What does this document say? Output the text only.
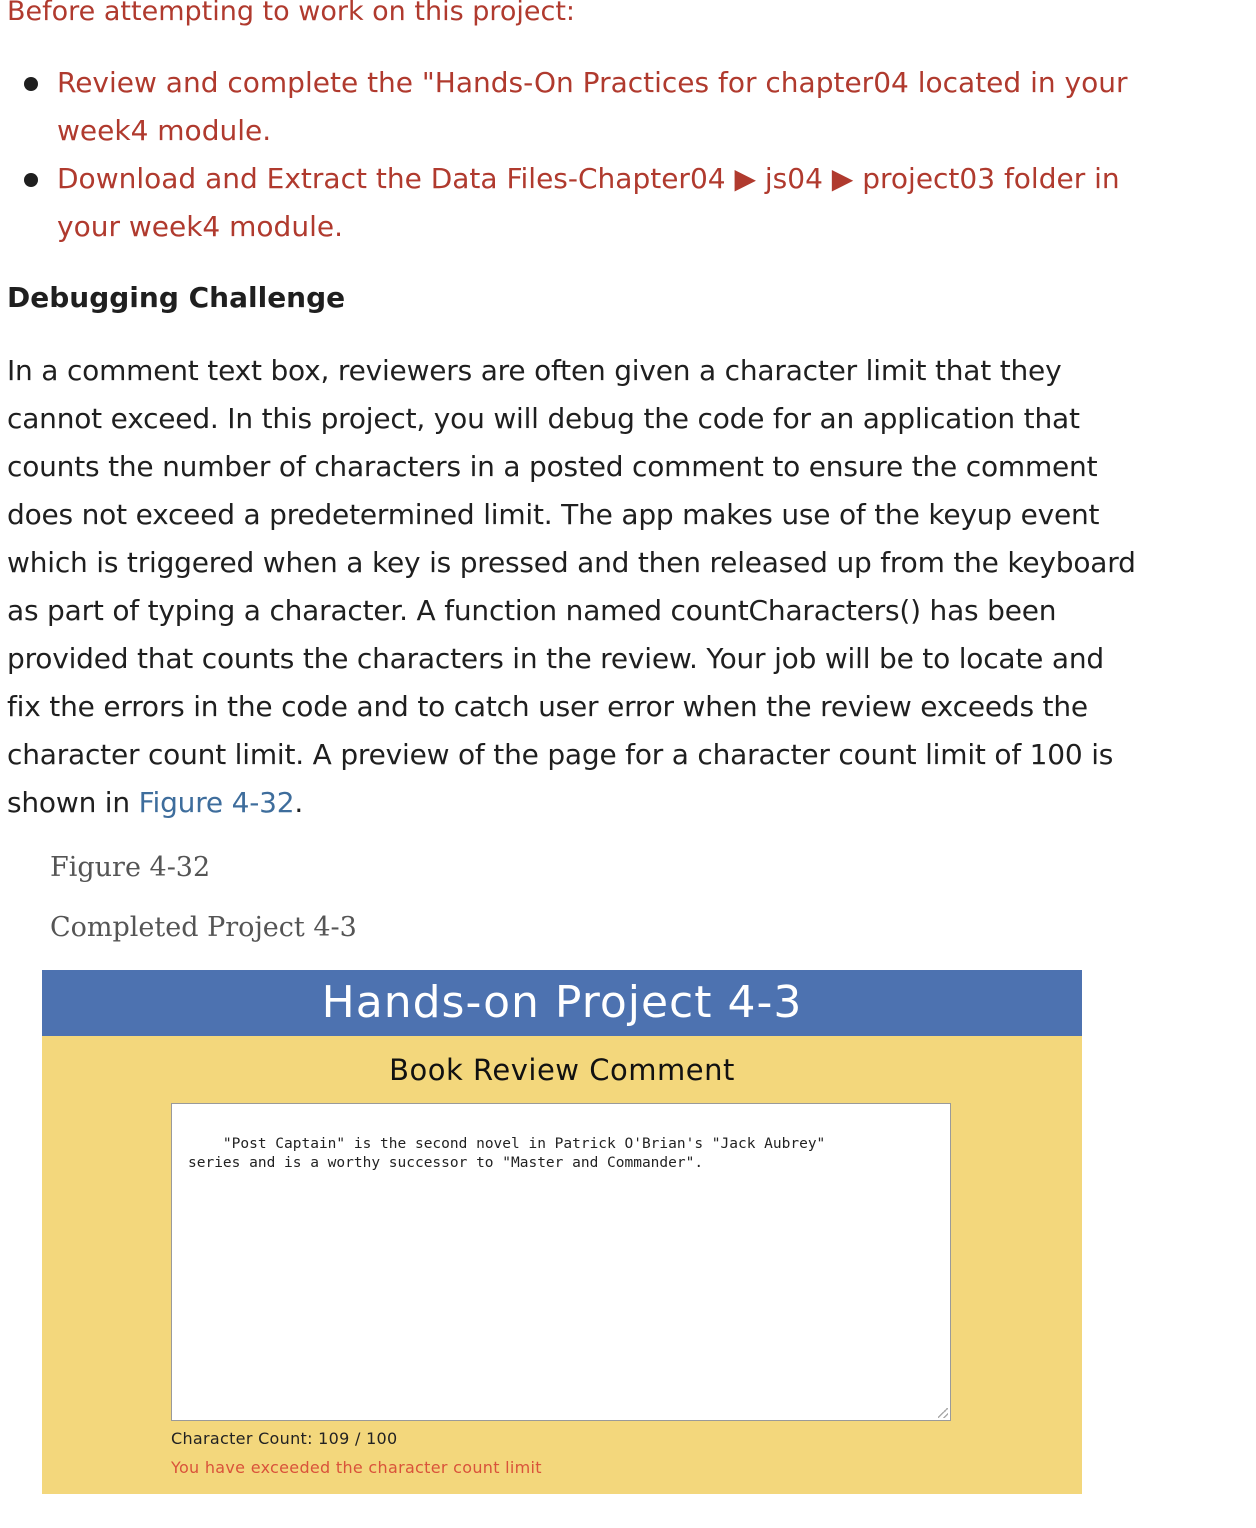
Before attempting to work on this project:

Review and complete the "Hands-On Practices for chapter04 located in your week4 module.
Download and Extract the Data Files-Chapter04 ▶ js04 ▶ project03 folder in your week4 module.
Debugging Challenge

In a comment text box, reviewers are often given a character limit that they cannot exceed. In this project, you will debug the code for an application that counts the number of characters in a posted comment to ensure the comment does not exceed a predetermined limit. The app makes use of the keyup event which is triggered when a key is pressed and then released up from the keyboard as part of typing a character. A function named countCharacters() has been provided that counts the characters in the review. Your job will be to locate and fix the errors in the code and to catch user error when the review exceeds the character count limit. A preview of the page for a character count limit of 100 is shown in Figure 4-32.

Figure 4-32

Completed Project 4-3

Hands-on Project 4-3
Book Review Comment

"Post Captain" is the second novel in Patrick O'Brian's "Jack Aubrey"
series and is a worthy successor to "Master and Commander".

Character Count: 109 / 100
You have exceeded the character count limit
